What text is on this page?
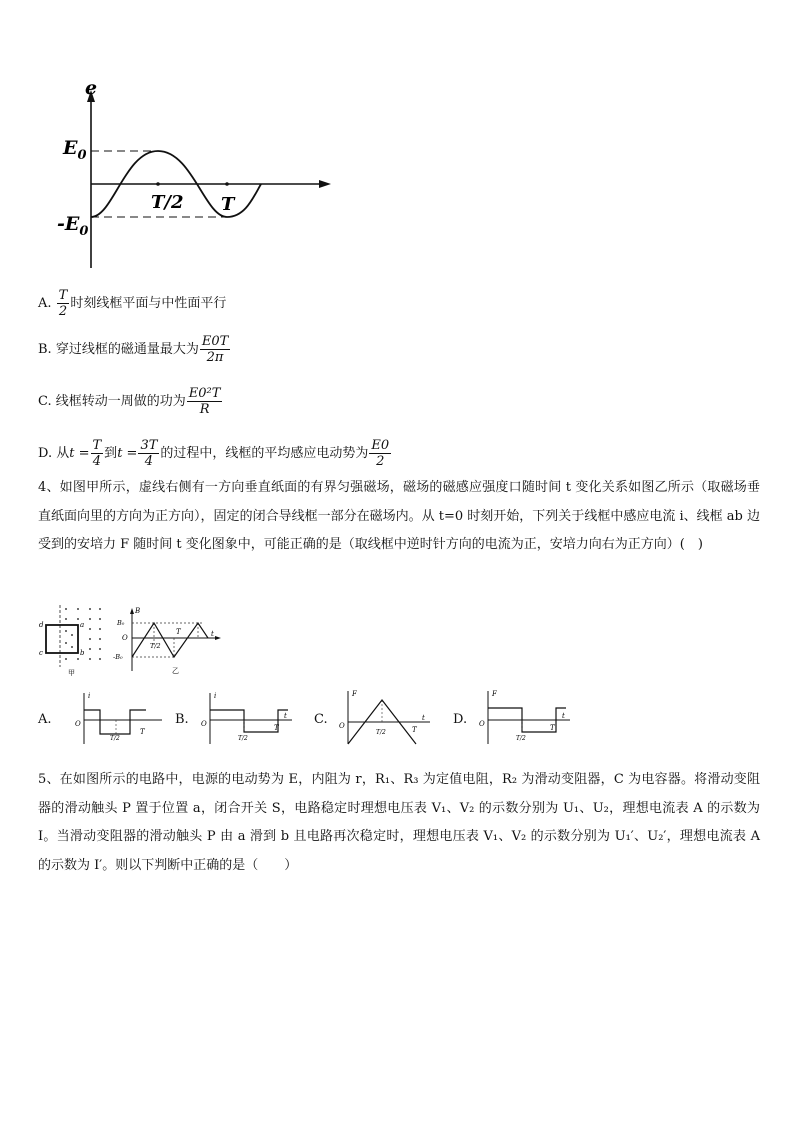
e
$E_0$
$-E_0$
T/2 T
A. $\frac{T}{2}$ 时刻线框平面与中性面平行
B. 穿过线框的磁通量最大为 $\frac{E0T}{2\pi}$
C. 线框转动一周做的功为 $\frac{\text{E0²T}}{R}$
D. 从$t = \frac{T}{4}$ 到$t = \frac{3T}{4}$ 的过程中，线框的平均感应电动势为 $\frac{E0}{2}$
4、如图甲所示，虚线右侧有一方向垂直纸面的有界匀强磁场，磁场的磁感应强度口随时间 t 变化关系如图乙所示（取磁场垂直纸面向里的方向为正方向），固定的闭合导线框一部分在磁场内。从 t=0 时刻开始，下列关于线框中感应电流 i、线框 ab 边受到的安培力 F 随时间 t 变化图象中，可能正确的是（取线框中逆时针方向的电流为正，安培力向右为正方向）(　)
d	a
c	b
甲
B
B₀
O
-B₀
T/2
T	t
乙
A.
i
O
T/2
T
B.
i
O
T/2
T
t C.
F
O
T/2	T
t D.
F
O
T/2
T
t
5、在如图所示的电路中，电源的电动势为 E，内阻为 r，R₁、R₃ 为定值电阻，R₂ 为滑动变阻器，C 为电容器。将滑动变阻器的滑动触头 P 置于位置 a，闭合开关 S，电路稳定时理想电压表 V₁、V₂ 的示数分别为 U₁、U₂，理想电流表 A 的示数为 I。当滑动变阻器的滑动触头 P 由 a 滑到 b 且电路再次稳定时，理想电压表 V₁、V₂ 的示数分别为 U₁′、U₂′，理想电流表 A 的示数为 I′。则以下判断中正确的是（　　）
